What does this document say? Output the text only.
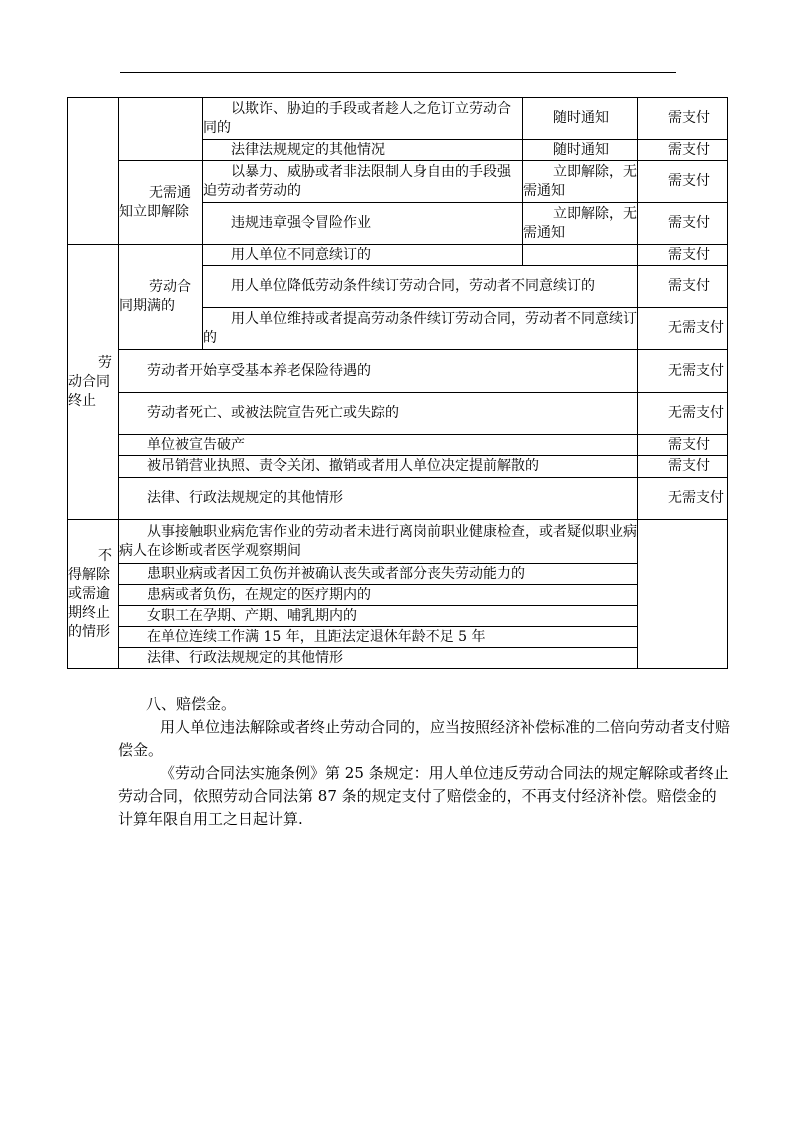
		以欺诈、胁迫的手段或者趁人之危订立劳动合同的	随时通知	需支付
		法律法规规定的其他情况	随时通知	需支付
	无需通知立即解除	以暴力、威胁或者非法限制人身自由的手段强迫劳动者劳动的	立即解除，无需通知	需支付
		违规违章强令冒险作业	立即解除，无需通知	需支付
劳动合同终止	劳动合同期满的	用人单位不同意续订的		需支付
		用人单位降低劳动条件续订劳动合同，劳动者不同意续订的		需支付
		用人单位维持或者提高劳动条件续订劳动合同，劳动者不同意续订的		无需支付
	劳动者开始享受基本养老保险待遇的			无需支付
	劳动者死亡、或被法院宣告死亡或失踪的			无需支付
	单位被宣告破产			需支付
	被吊销营业执照、责令关闭、撤销或者用人单位决定提前解散的			需支付
	法律、行政法规规定的其他情形			无需支付
不得解除或需逾期终止的情形	从事接触职业病危害作业的劳动者未进行离岗前职业健康检查，或者疑似职业病病人在诊断或者医学观察期间			
	患职业病或者因工负伤并被确认丧失或者部分丧失劳动能力的			
	患病或者负伤，在规定的医疗期内的			
	女职工在孕期、产期、哺乳期内的			
	在单位连续工作满 15 年，且距法定退休年龄不足 5 年			
	法律、行政法规规定的其他情形			
八、赔偿金。
用人单位违法解除或者终止劳动合同的，应当按照经济补偿标准的二倍向劳动者支付赔偿金。
《劳动合同法实施条例》第 25 条规定：用人单位违反劳动合同法的规定解除或者终止劳动合同，依照劳动合同法第 87 条的规定支付了赔偿金的，不再支付经济补偿。赔偿金的计算年限自用工之日起计算.
